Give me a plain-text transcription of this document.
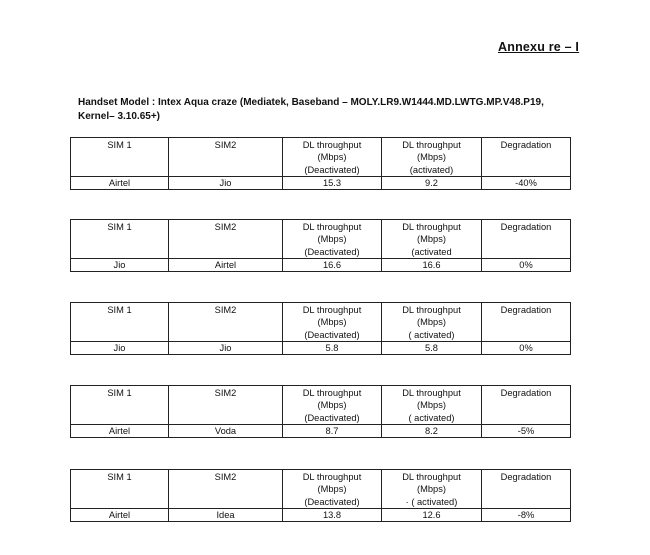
Annexu re – I
Handset Model : Intex Aqua craze (Mediatek, Baseband – MOLY.LR9.W1444.MD.LWTG.MP.V48.P19,
Kernel– 3.10.65+)
SIM 1	SIM2	DL throughput
(Mbps)
(Deactivated)	DL throughput
(Mbps)
(activated)	Degradation
Airtel	Jio	15.3	9.2	-40%
SIM 1	SIM2	DL throughput
(Mbps)
(Deactivated)	DL throughput
(Mbps)
(activated	Degradation
Jio	Airtel	16.6	16.6	0%
SIM 1	SIM2	DL throughput
(Mbps)
(Deactivated)	DL throughput
(Mbps)
( activated)	Degradation
Jio	Jio	5.8	5.8	0%
SIM 1	SIM2	DL throughput
(Mbps)
(Deactivated)	DL throughput
(Mbps)
( activated)	Degradation
Airtel	Voda	8.7	8.2	-5%
SIM 1	SIM2	DL throughput
(Mbps)
(Deactivated)	DL throughput
(Mbps)
· ( activated)	Degradation
Airtel	Idea	13.8	12.6	-8%
